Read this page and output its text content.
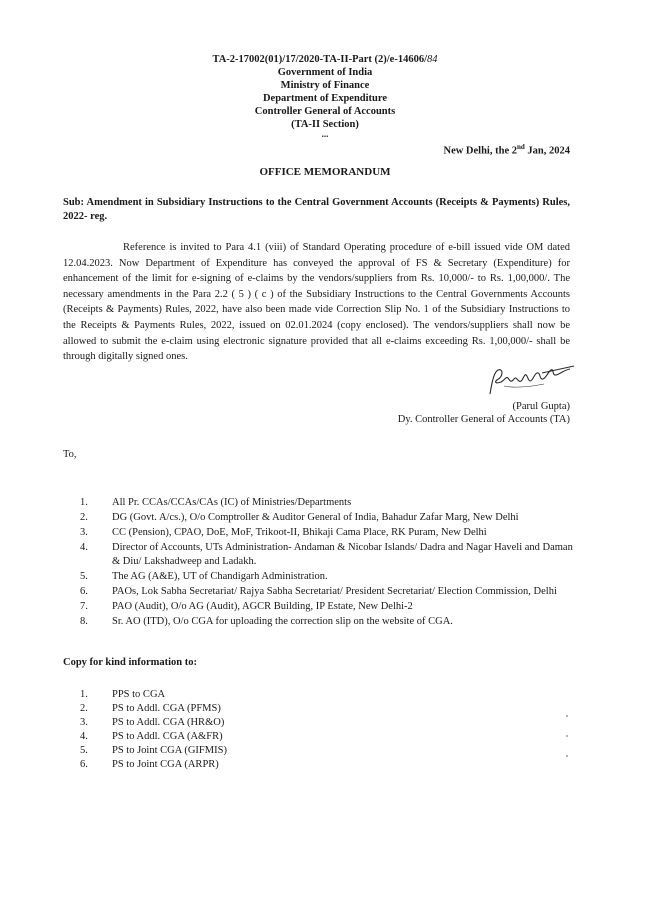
TA-2-17002(01)/17/2020-TA-II-Part (2)/e-14606/84
Government of India
Ministry of Finance
Department of Expenditure
Controller General of Accounts
(TA-II Section)
...
New Delhi, the 2nd Jan, 2024
OFFICE MEMORANDUM
Sub: Amendment in Subsidiary Instructions to the Central Government Accounts (Receipts & Payments) Rules, 2022- reg.
Reference is invited to Para 4.1 (viii) of Standard Operating procedure of e-bill issued vide OM dated 12.04.2023. Now Department of Expenditure has conveyed the approval of FS & Secretary (Expenditure) for enhancement of the limit for e-signing of e-claims by the vendors/suppliers from Rs. 10,000/- to Rs. 1,00,000/. The necessary amendments in the Para 2.2 ( 5 ) ( c ) of the Subsidiary Instructions to the Central Governments Accounts (Receipts & Payments) Rules, 2022, have also been made vide Correction Slip No. 1 of the Subsidiary Instructions to the Receipts & Payments Rules, 2022, issued on 02.01.2024 (copy enclosed). The vendors/suppliers shall now be allowed to submit the e-claim using electronic signature provided that all e-claims exceeding Rs. 1,00,000/- shall be through digitally signed ones.
(Parul Gupta)
Dy. Controller General of Accounts (TA)
To,
1. All Pr. CCAs/CCAs/CAs (IC) of Ministries/Departments
2. DG (Govt. A/cs.), O/o Comptroller & Auditor General of India, Bahadur Zafar Marg, New Delhi
3. CC (Pension), CPAO, DoE, MoF, Trikoot-II, Bhikaji Cama Place, RK Puram, New Delhi
4. Director of Accounts, UTs Administration- Andaman & Nicobar Islands/ Dadra and Nagar Haveli and Daman & Diu/ Lakshadweep and Ladakh.
5. The AG (A&E), UT of Chandigarh Administration.
6. PAOs, Lok Sabha Secretariat/ Rajya Sabha Secretariat/ President Secretariat/ Election Commission, Delhi
7. PAO (Audit), O/o AG (Audit), AGCR Building, IP Estate, New Delhi-2
8. Sr. AO (ITD), O/o CGA for uploading the correction slip on the website of CGA.
Copy for kind information to:
1. PPS to CGA
2. PS to Addl. CGA (PFMS)
3. PS to Addl. CGA (HR&O)
4. PS to Addl. CGA (A&FR)
5. PS to Joint CGA (GIFMIS)
6. PS to Joint CGA (ARPR)
